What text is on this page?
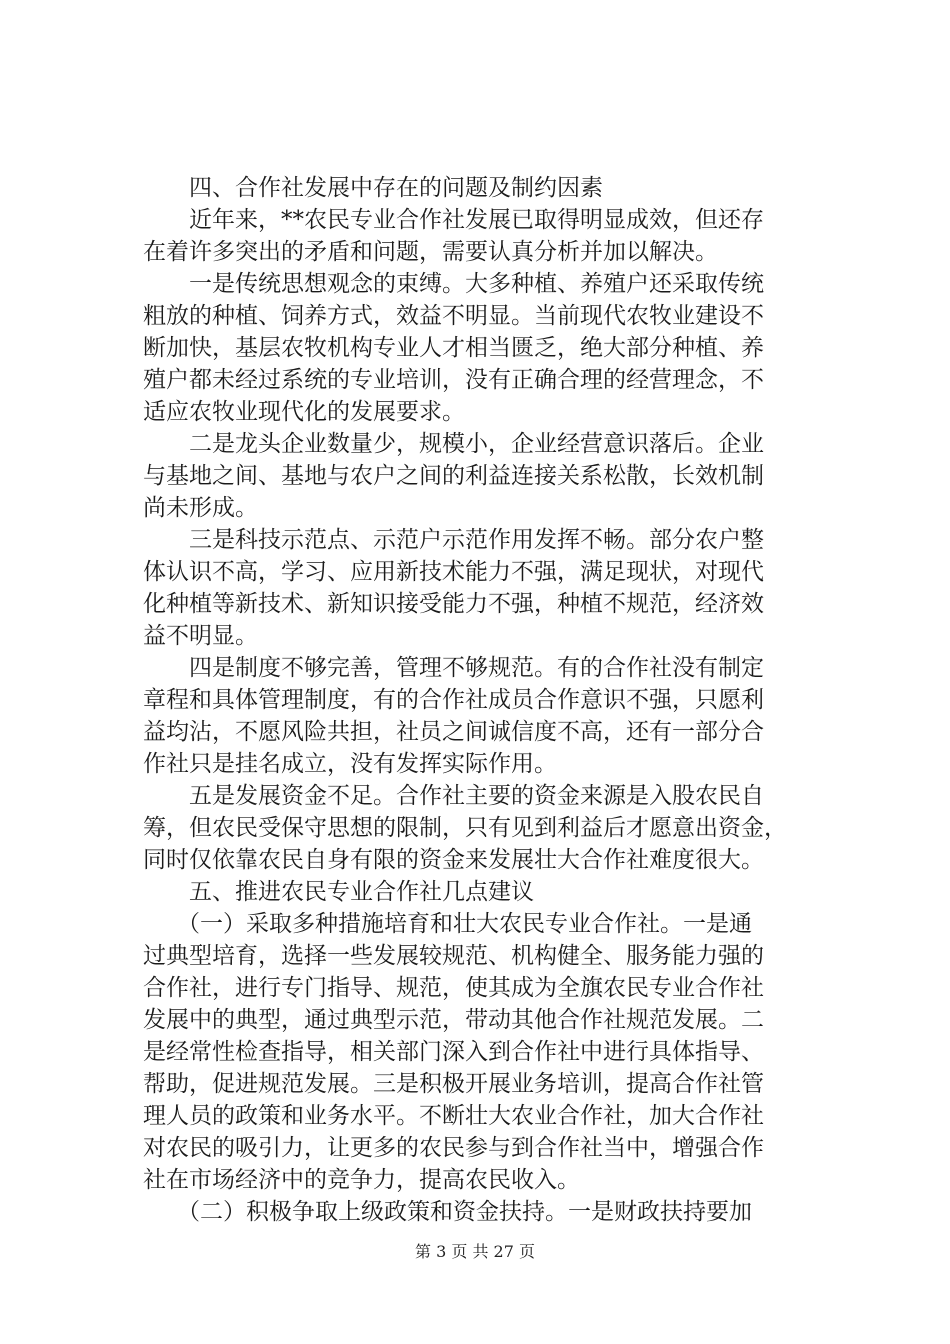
四、合作社发展中存在的问题及制约因素
近年来，**农民专业合作社发展已取得明显成效，但还存
在着许多突出的矛盾和问题，需要认真分析并加以解决。
一是传统思想观念的束缚。大多种植、养殖户还采取传统
粗放的种植、饲养方式，效益不明显。当前现代农牧业建设不
断加快，基层农牧机构专业人才相当匮乏，绝大部分种植、养
殖户都未经过系统的专业培训，没有正确合理的经营理念，不
适应农牧业现代化的发展要求。
二是龙头企业数量少，规模小，企业经营意识落后。企业
与基地之间、基地与农户之间的利益连接关系松散，长效机制
尚未形成。
三是科技示范点、示范户示范作用发挥不畅。部分农户整
体认识不高，学习、应用新技术能力不强，满足现状，对现代
化种植等新技术、新知识接受能力不强，种植不规范，经济效
益不明显。
四是制度不够完善，管理不够规范。有的合作社没有制定
章程和具体管理制度，有的合作社成员合作意识不强，只愿利
益均沾，不愿风险共担，社员之间诚信度不高，还有一部分合
作社只是挂名成立，没有发挥实际作用。
五是发展资金不足。合作社主要的资金来源是入股农民自
筹，但农民受保守思想的限制，只有见到利益后才愿意出资金，
同时仅依靠农民自身有限的资金来发展壮大合作社难度很大。
五、推进农民专业合作社几点建议
（一）采取多种措施培育和壮大农民专业合作社。一是通
过典型培育，选择一些发展较规范、机构健全、服务能力强的
合作社，进行专门指导、规范，使其成为全旗农民专业合作社
发展中的典型，通过典型示范，带动其他合作社规范发展。二
是经常性检查指导，相关部门深入到合作社中进行具体指导、
帮助，促进规范发展。三是积极开展业务培训，提高合作社管
理人员的政策和业务水平。不断壮大农业合作社，加大合作社
对农民的吸引力，让更多的农民参与到合作社当中，增强合作
社在市场经济中的竞争力，提高农民收入。
（二）积极争取上级政策和资金扶持。一是财政扶持要加
第 3 页 共 27 页
